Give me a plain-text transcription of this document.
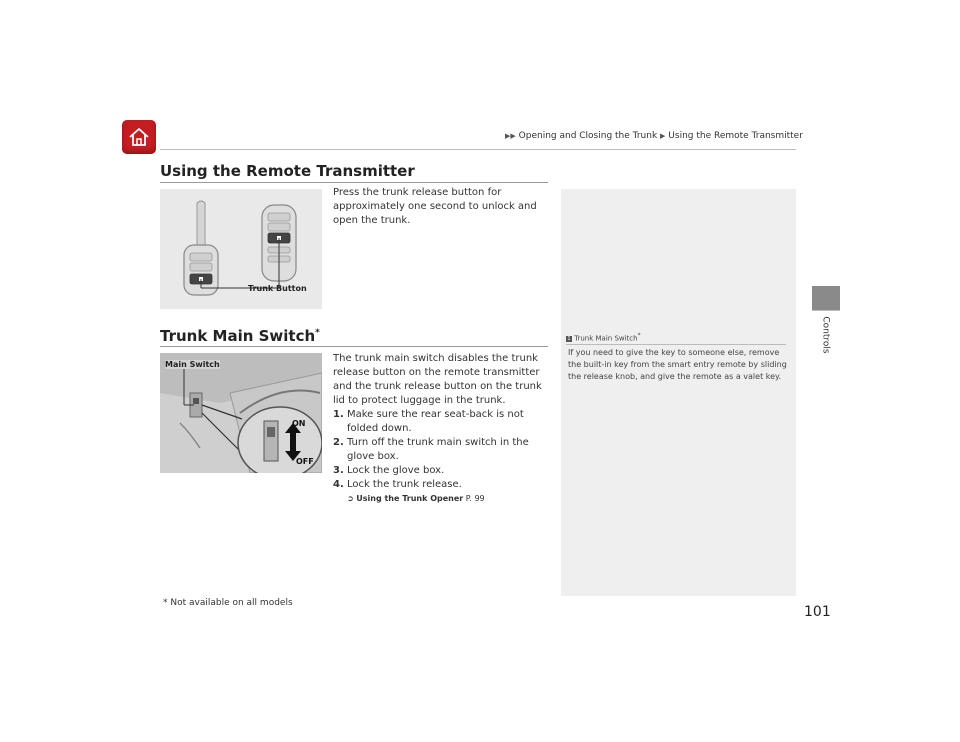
▶▶ Opening and Closing the Trunk ▶ Using the Remote Transmitter
Controls
Using the Remote Transmitter
Trunk Button
Press the trunk release button for approximately one second to unlock and open the trunk.
Trunk Main Switch*
Main Switch
ON
OFF
The trunk main switch disables the trunk release button on the remote transmitter and the trunk release button on the trunk lid to protect luggage in the trunk.
1. Make sure the rear seat-back is not folded down.
2. Turn off the trunk main switch in the glove box.
3. Lock the glove box.
4. Lock the trunk release.
➲ Using the Trunk Opener P. 99
1 Trunk Main Switch*
If you need to give the key to someone else, remove the built-in key from the smart entry remote by sliding the release knob, and give the remote as a valet key.
* Not available on all models
101
